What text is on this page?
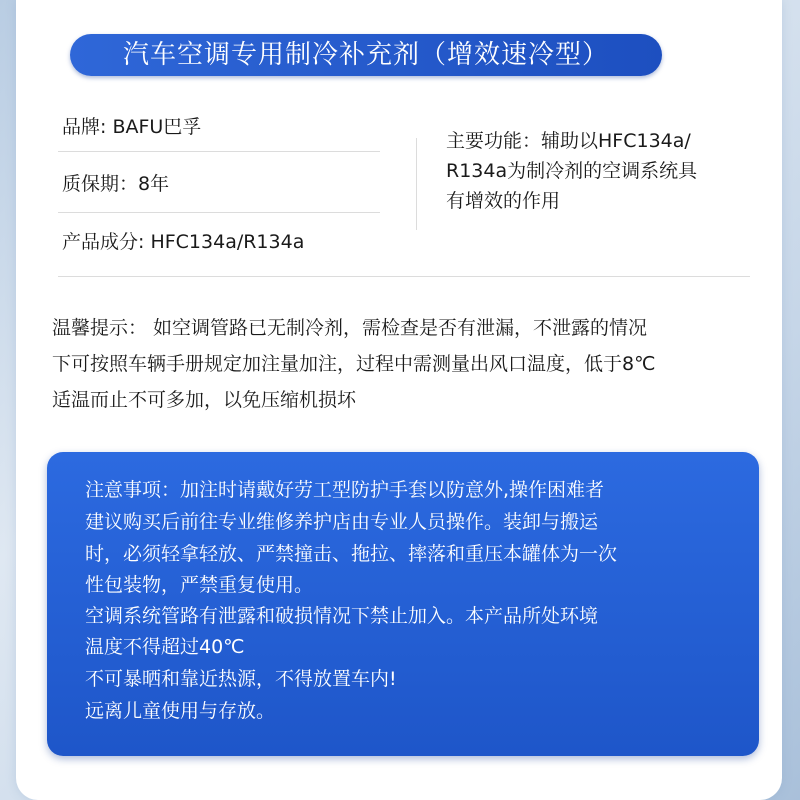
汽车空调专用制冷补充剂（增效速冷型）
品牌: BAFU巴孚
质保期：8年
产品成分: HFC134a/R134a
主要功能：辅助以HFC134a/
R134a为制冷剂的空调系统具
有增效的作用
温馨提示： 如空调管路已无制冷剂，需检查是否有泄漏，不泄露的情况
下可按照车辆手册规定加注量加注，过程中需测量出风口温度，低于8℃
适温而止不可多加，以免压缩机损坏
注意事项：加注时请戴好劳工型防护手套以防意外,操作困难者
建议购买后前往专业维修养护店由专业人员操作。装卸与搬运
时，必须轻拿轻放、严禁撞击、拖拉、摔落和重压本罐体为一次
性包装物，严禁重复使用。
空调系统管路有泄露和破损情况下禁止加入。本产品所处环境
温度不得超过40℃
不可暴晒和靠近热源，不得放置车内!
远离儿童使用与存放。
